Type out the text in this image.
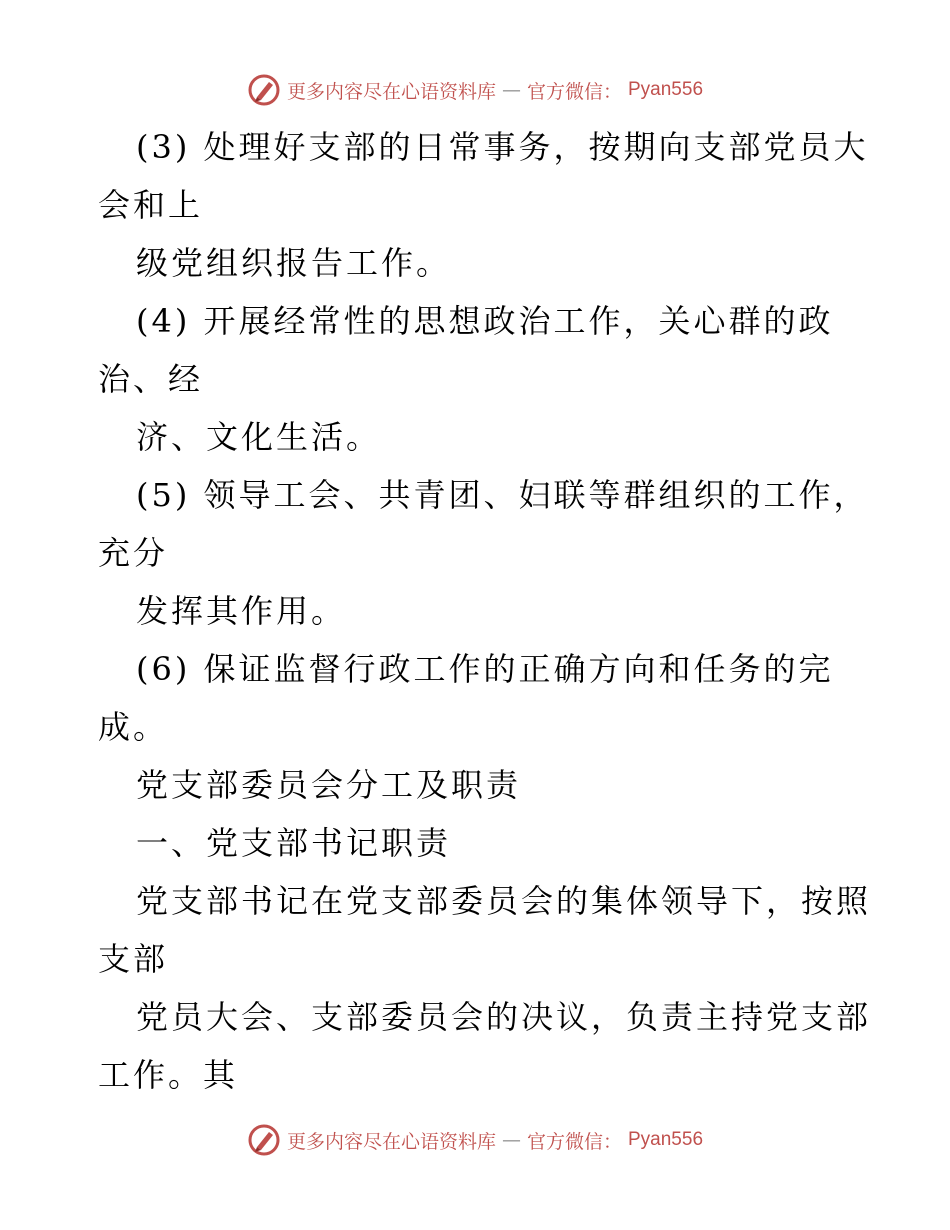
更多内容尽在心语资料库 — 官方微信： Pyan556
(3) 处理好支部的日常事务，按期向支部党员大
会和上
级党组织报告工作。
(4) 开展经常性的思想政治工作，关心群的政
治、经
济、文化生活。
(5) 领导工会、共青团、妇联等群组织的工作，
充分
发挥其作用。
(6) 保证监督行政工作的正确方向和任务的完
成。
党支部委员会分工及职责
一、党支部书记职责
党支部书记在党支部委员会的集体领导下，按照
支部
党员大会、支部委员会的决议，负责主持党支部
工作。其
更多内容尽在心语资料库 — 官方微信： Pyan556
